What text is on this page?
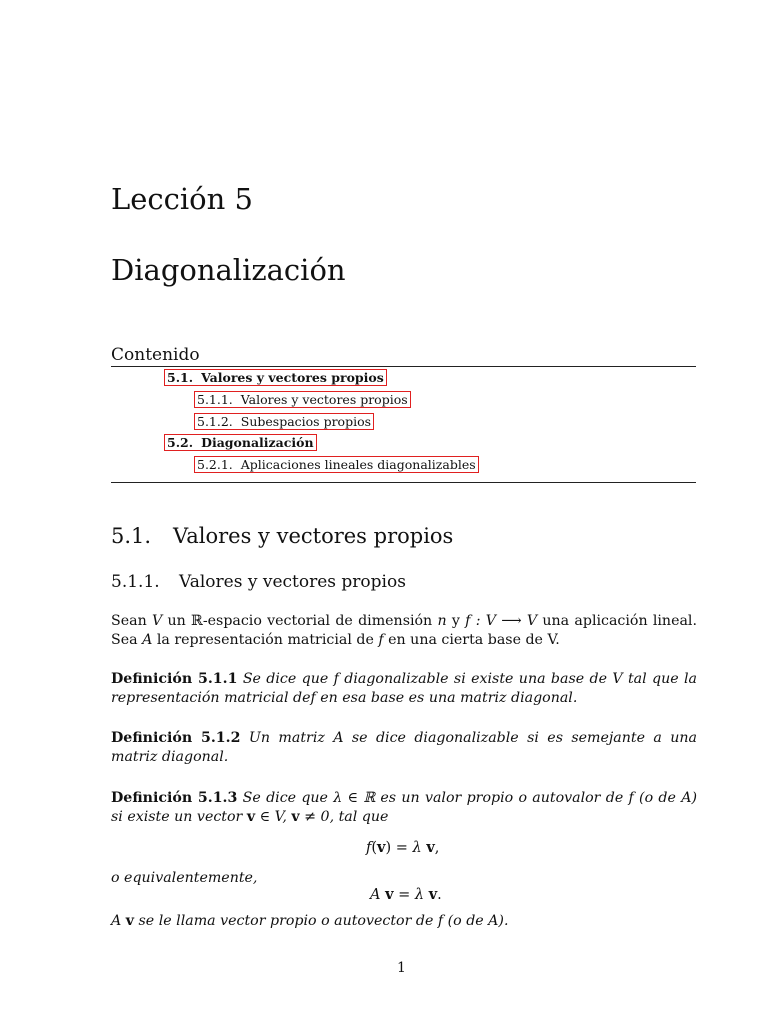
Lección 5
Diagonalización
Contenido
5.1. Valores y vectores propios
5.1.1. Valores y vectores propios
5.1.2. Subespacios propios
5.2. Diagonalización
5.2.1. Aplicaciones lineales diagonalizables
5.1. Valores y vectores propios
5.1.1. Valores y vectores propios
Sean V un ℝ-espacio vectorial de dimensión n y f : V ⟶ V una aplicación lineal. Sea A la representación matricial de f en una cierta base de V.
Definición 5.1.1 Se dice que f diagonalizable si existe una base de V tal que la representación matricial def en esa base es una matriz diagonal.
Definición 5.1.2 Un matriz A se dice diagonalizable si es semejante a una matriz diagonal.
Definición 5.1.3 Se dice que λ ∈ ℝ es un valor propio o autovalor de f (o de A) si existe un vector v ∈ V, v ≠ 0, tal que
f(v) = λ v,
o equivalentemente,
A v = λ v.
A v se le llama vector propio o autovector de f (o de A).
1
